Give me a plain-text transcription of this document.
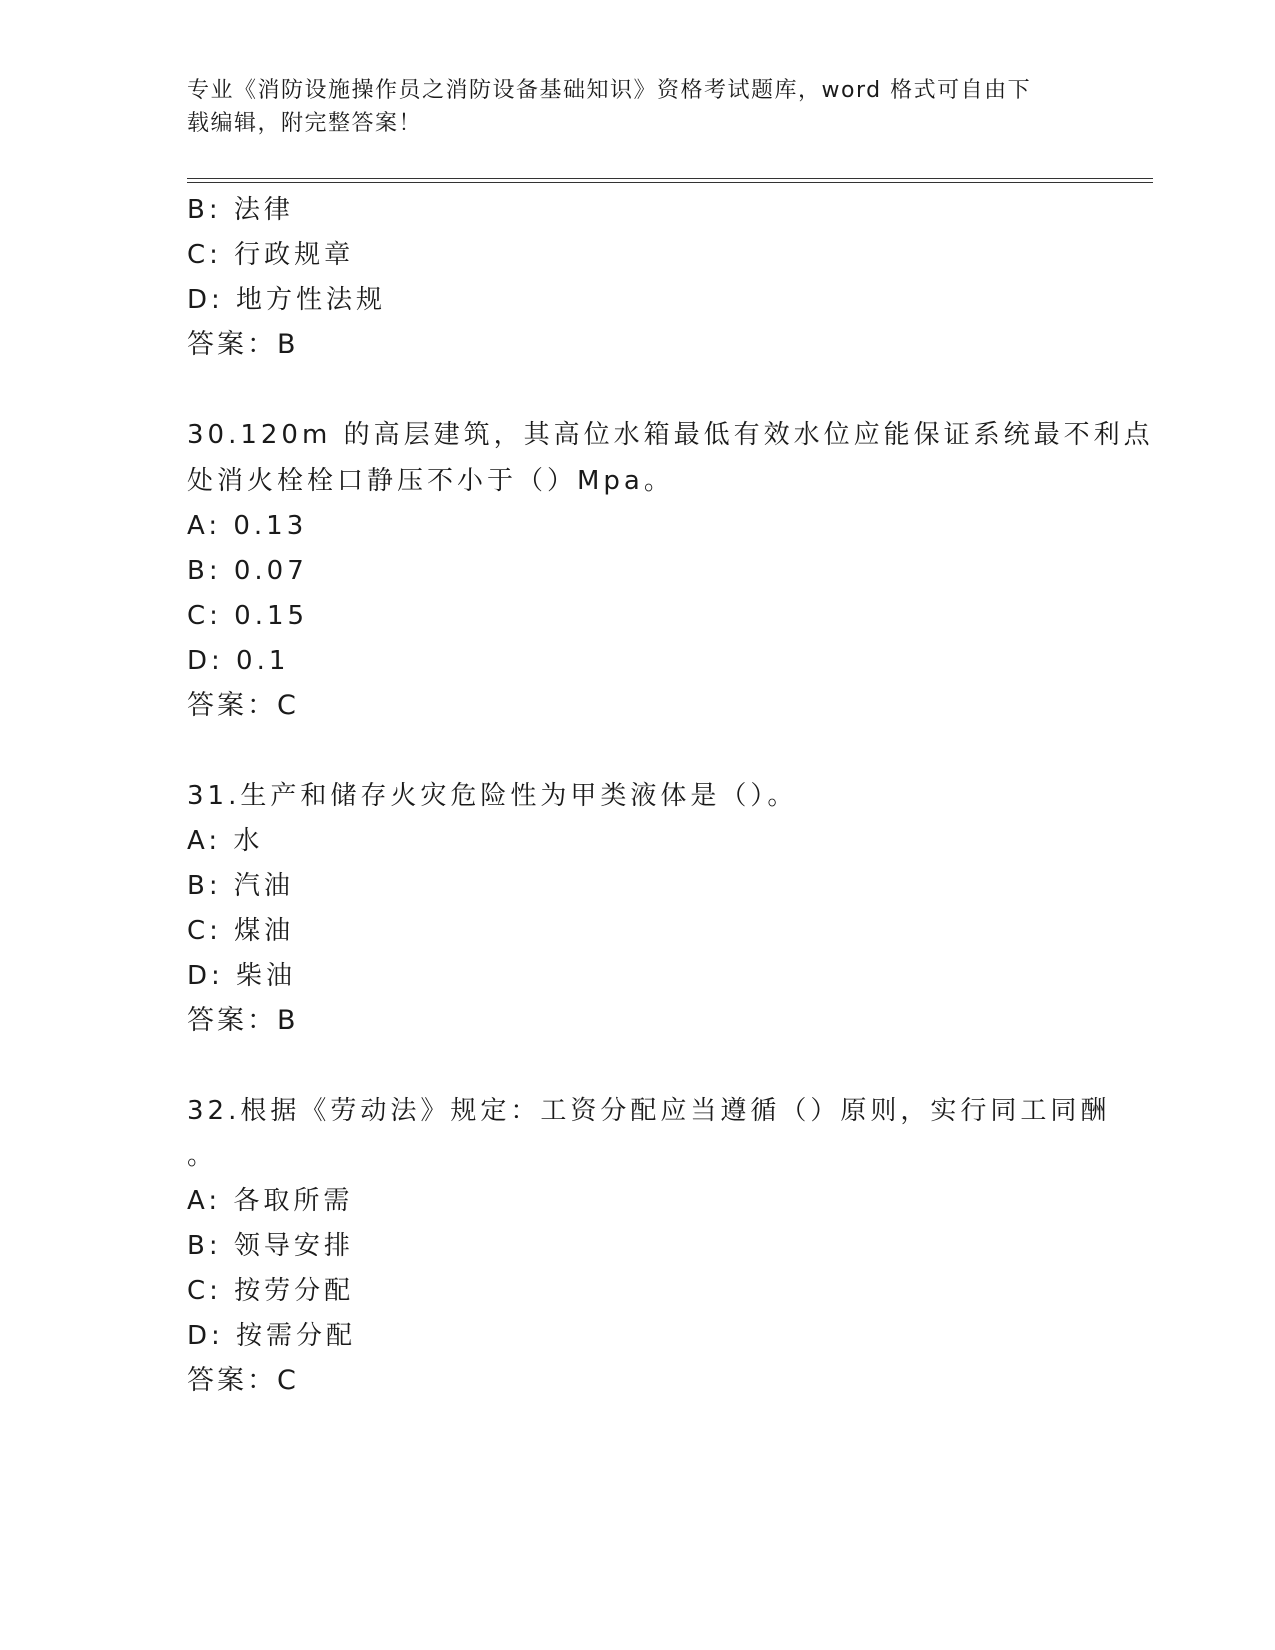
专业《消防设施操作员之消防设备基础知识》资格考试题库，word 格式可自由下
载编辑，附完整答案！
B: 法律
C: 行政规章
D: 地方性法规
答案：B
30.120m 的高层建筑，其高位水箱最低有效水位应能保证系统最不利点
处消火栓栓口静压不小于（）Mpa。
A: 0.13
B: 0.07
C: 0.15
D: 0.1
答案：C
31.生产和储存火灾危险性为甲类液体是（）。
A: 水
B: 汽油
C: 煤油
D: 柴油
答案：B
32.根据《劳动法》规定：工资分配应当遵循（）原则，实行同工同酬
。
A: 各取所需
B: 领导安排
C: 按劳分配
D: 按需分配
答案：C
